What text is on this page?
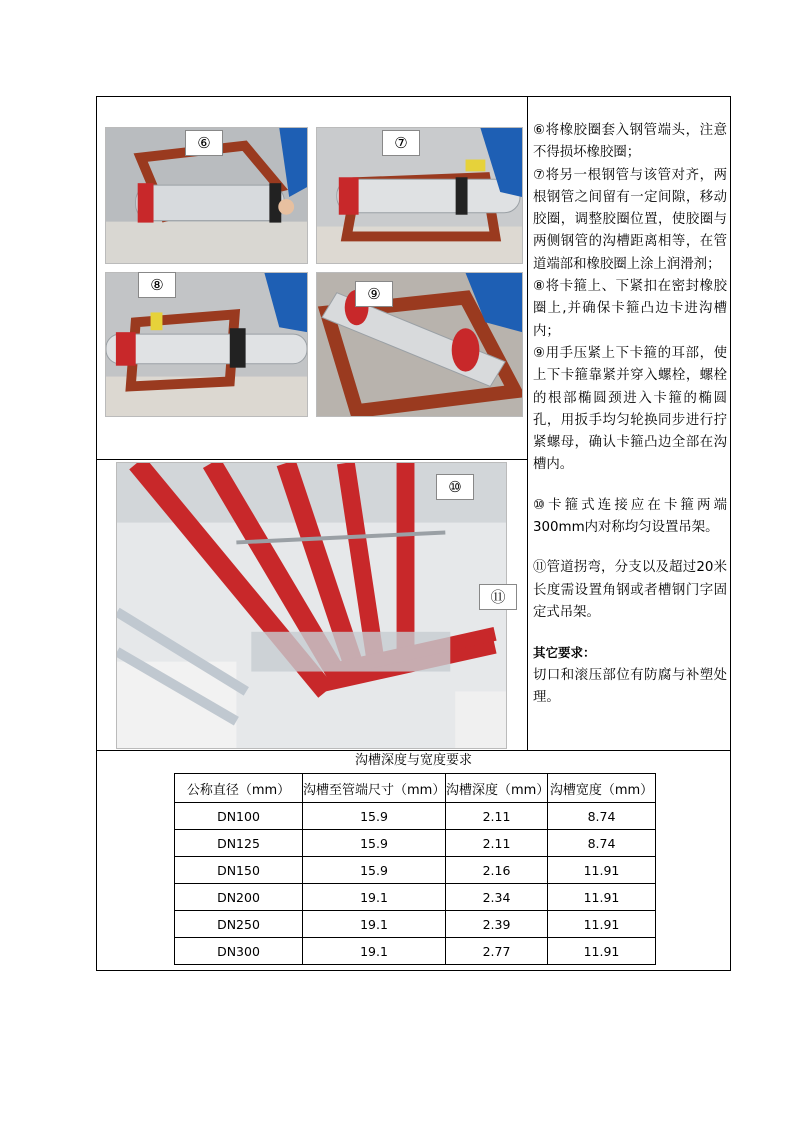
⑥	⑦
⑧	⑨
⑩
⑪

⑥将橡胶圈套入钢管端头，注意不得损坏橡胶圈；

⑦将另一根钢管与该管对齐，两根钢管之间留有一定间隙，移动胶圈，调整胶圈位置，使胶圈与两侧钢管的沟槽距离相等，在管道端部和橡胶圈上涂上润滑剂；

⑧将卡箍上、下紧扣在密封橡胶圈上,并确保卡箍凸边卡进沟槽内；

⑨用手压紧上下卡箍的耳部，使上下卡箍靠紧并穿入螺栓，螺栓的根部椭圆颈进入卡箍的椭圆孔，用扳手均匀轮换同步进行拧紧螺母，确认卡箍凸边全部在沟槽内。

⑩卡箍式连接应在卡箍两端300mm内对称均匀设置吊架。

⑪管道拐弯，分支以及超过20米长度需设置角钢或者槽钢门字固定式吊架。

其它要求：

切口和滚压部位有防腐与补塑处理。

沟槽深度与宽度要求
公称直径（mm）	沟槽至管端尺寸（mm）	沟槽深度（mm）	沟槽宽度（mm）
DN100	15.9	2.11	8.74
DN125	15.9	2.11	8.74
DN150	15.9	2.16	11.91
DN200	19.1	2.34	11.91
DN250	19.1	2.39	11.91
DN300	19.1	2.77	11.91
